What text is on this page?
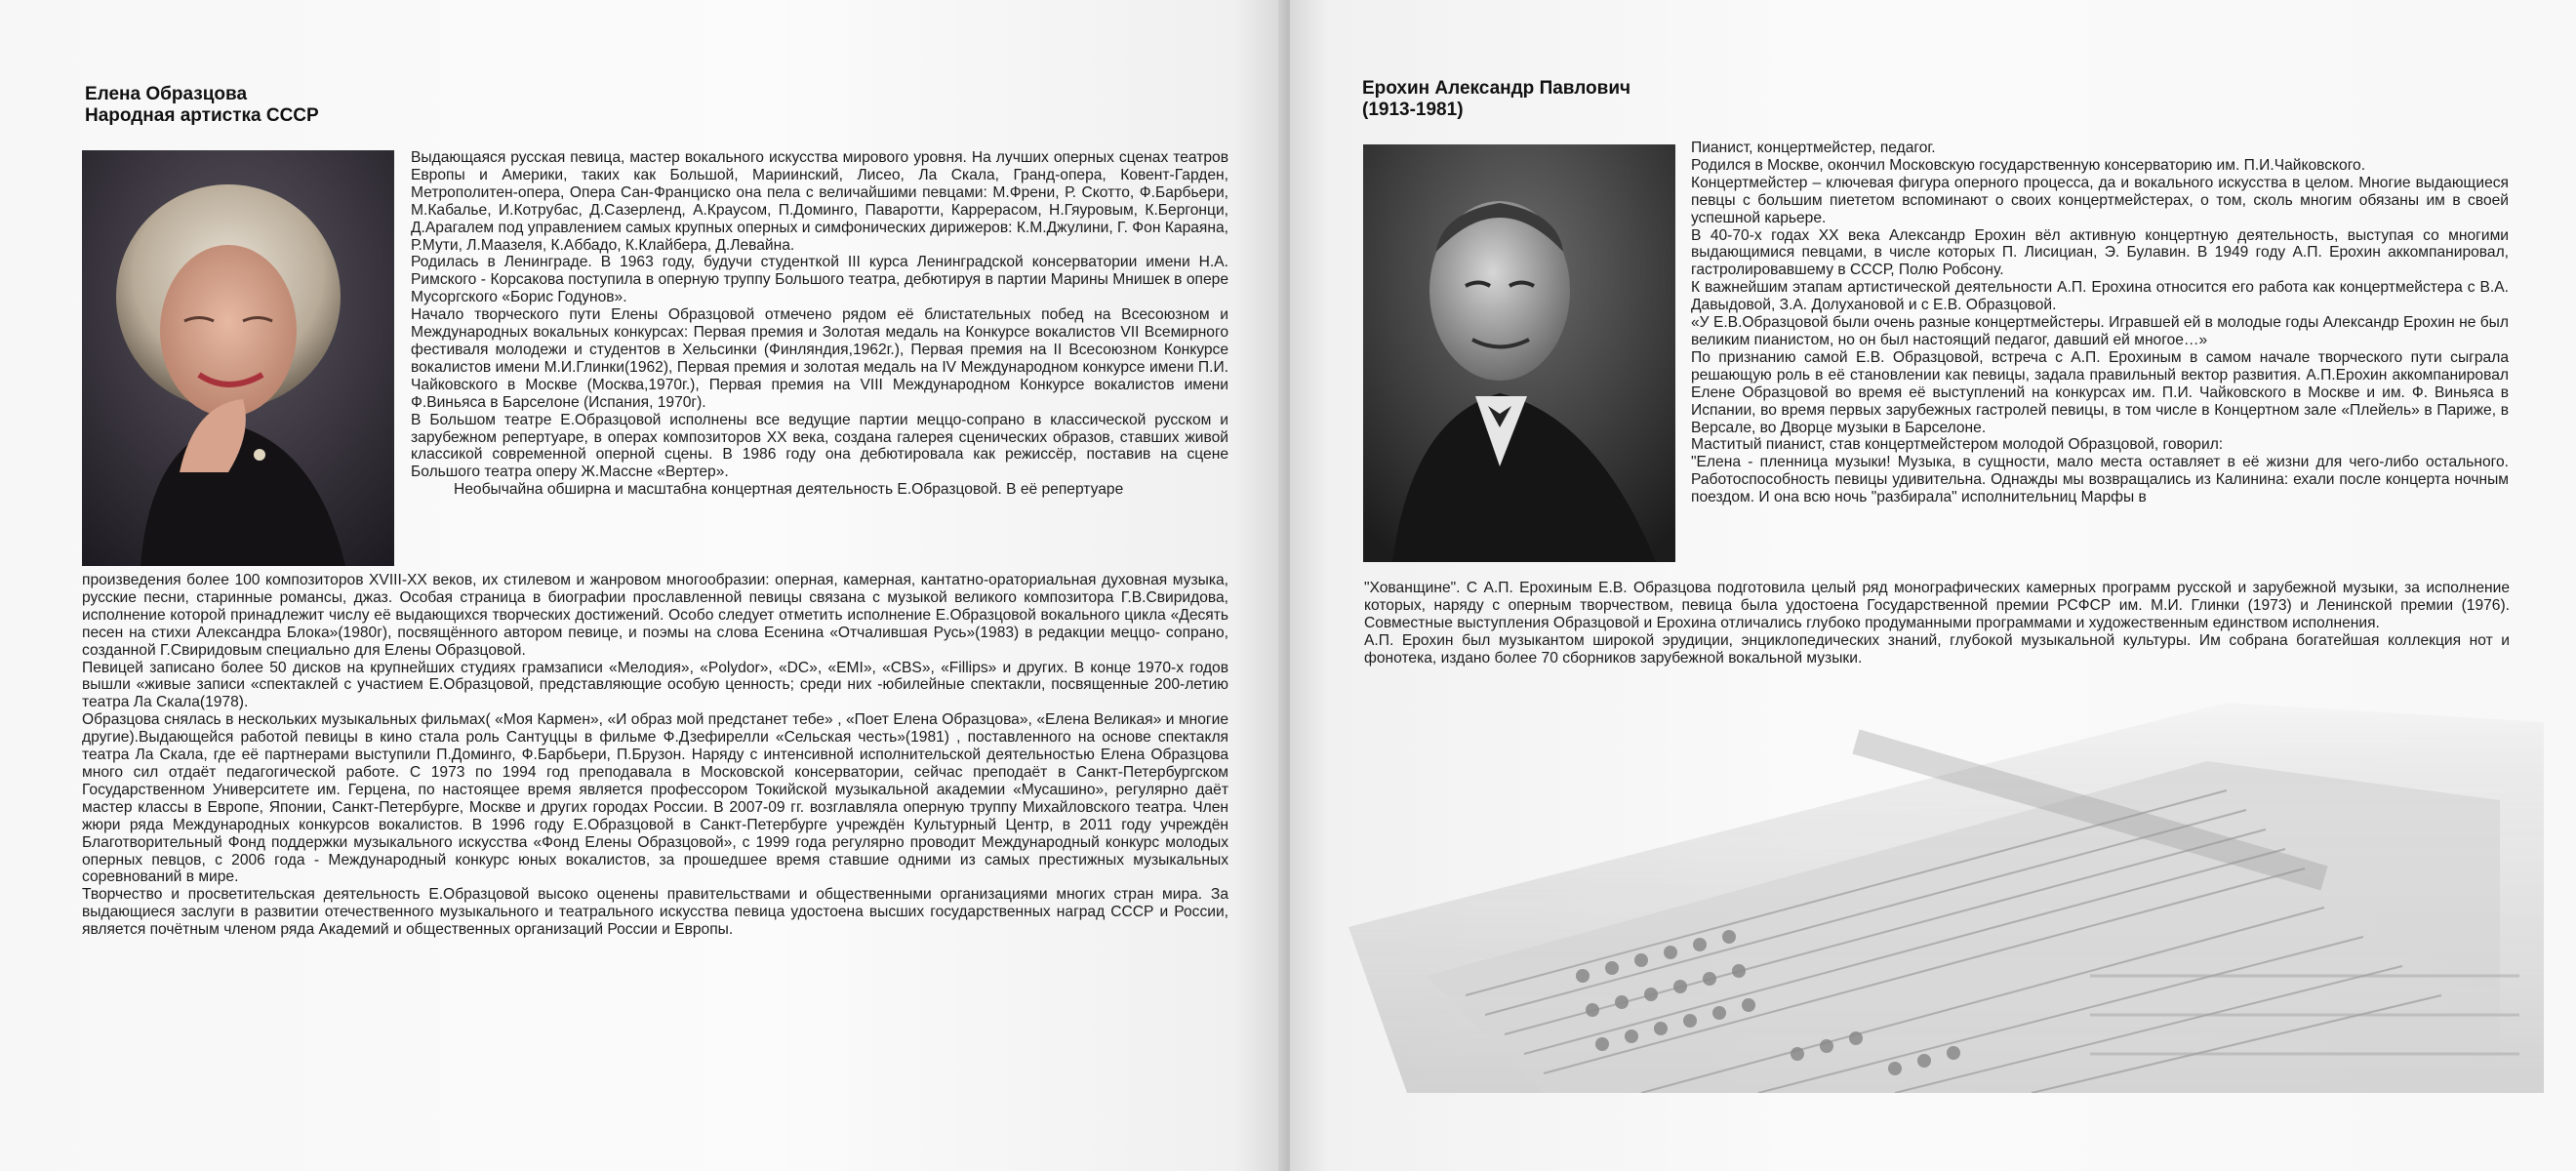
Елена Образцова
Народная артистка СССР

Выдающаяся русская певица, мастер вокального искусства мирового уровня. На лучших оперных сценах театров Европы и Америки, таких как Большой, Мариинский, Лисео, Ла Скала, Гранд-опера, Ковент-Гарден, Метрополитен-опера, Опера Сан-Франциско она пела с величайшими певцами: М.Френи, Р. Скотто, Ф.Барбьери, М.Кабалье, И.Котрубас, Д.Сазерленд, А.Краусом, П.Доминго, Паваротти, Каррерасом, Н.Гяуровым, К.Бергонци, Д.Арагалем под управлением самых крупных оперных и симфонических дирижеров: К.М.Джулини, Г. Фон Караяна, Р.Мути, Л.Маазеля, К.Аббадо, К.Клайбера, Д.Левайна.

Родилась в Ленинграде. В 1963 году, будучи студенткой III курса Ленинградской консерватории имени Н.А. Римского - Корсакова поступила в оперную труппу Большого театра, дебютируя в партии Марины Мнишек в опере Мусоргского «Борис Годунов».

Начало творческого пути Елены Образцовой отмечено рядом её блистательных побед на Всесоюзном и Международных вокальных конкурсах: Первая премия и Золотая медаль на Конкурсе вокалистов VII Всемирного фестиваля молодежи и студентов в Хельсинки (Финляндия,1962г.), Первая премия на II Всесоюзном Конкурсе вокалистов имени М.И.Глинки(1962), Первая премия и золотая медаль на IV Международном конкурсе имени П.И. Чайковского в Москве (Москва,1970г.), Первая премия на VIII Международном Конкурсе вокалистов имени Ф.Виньяса в Барселоне (Испания, 1970г).

В Большом театре Е.Образцовой исполнены все ведущие партии меццо-сопрано в классической русском и зарубежном репертуаре, в операх композиторов XX века, создана галерея сценических образов, ставших живой классикой современной оперной сцены. В 1986 году она дебютировала как режиссёр, поставив на сцене Большого театра оперу Ж.Массне «Вертер».

Необычайна обширна и масштабна концертная деятельность Е.Образцовой. В её репертуаре

произведения более 100 композиторов XVIII-XX веков, их стилевом и жанровом многообразии: оперная, камерная, кантатно-ораториальная духовная музыка, русские песни, старинные романсы, джаз. Особая страница в биографии прославленной певицы связана с музыкой великого композитора Г.В.Свиридова, исполнение которой принадлежит числу её выдающихся творческих достижений. Особо следует отметить исполнение Е.Образцовой вокального цикла «Десять песен на стихи Александра Блока»(1980г), посвящённого автором певице, и поэмы на слова Есенина «Отчалившая Русь»(1983) в редакции меццо- сопрано, созданной Г.Свиридовым специально для Елены Образцовой.

Певицей записано более 50 дисков на крупнейших студиях грамзаписи «Мелодия», «Polydor», «DC», «EMI», «CBS», «Fillips» и других. В конце 1970-х годов вышли «живые записи «спектаклей с участием Е.Образцовой, представляющие особую ценность; среди них -юбилейные спектакли, посвященные 200-летию театра Ла Скала(1978).

Образцова снялась в нескольких музыкальных фильмах( «Моя Кармен», «И образ мой предстанет тебе» , «Поет Елена Образцова», «Елена Великая» и многие другие).Выдающейся работой певицы в кино стала роль Сантуццы в фильме Ф.Дзефирелли «Сельская честь»(1981) , поставленного на основе спектакля театра Ла Скала, где её партнерами выступили П.Доминго, Ф.Барбьери, П.Брузон. Наряду с интенсивной исполнительской деятельностью Елена Образцова много сил отдаёт педагогической работе. С 1973 по 1994 год преподавала в Московской консерватории, сейчас преподаёт в Санкт-Петербургском Государственном Университете им. Герцена, по настоящее время является профессором Токийской музыкальной академии «Мусашино», регулярно даёт мастер классы в Европе, Японии, Санкт-Петербурге, Москве и других городах России. В 2007-09 гг. возглавляла оперную труппу Михайловского театра. Член жюри ряда Международных конкурсов вокалистов. В 1996 году Е.Образцовой в Санкт-Петербурге учреждён Культурный Центр, в 2011 году учреждён Благотворительный Фонд поддержки музыкального искусства «Фонд Елены Образцовой», с 1999 года регулярно проводит Международный конкурс молодых оперных певцов, с 2006 года - Международный конкурс юных вокалистов, за прошедшее время ставшие одними из самых престижных музыкальных соревнований в мире.

Творчество и просветительская деятельность Е.Образцовой высоко оценены правительствами и общественными организациями многих стран мира. За выдающиеся заслуги в развитии отечественного музыкального и театрального искусства певица удостоена высших государственных наград СССР и России, является почётным членом ряда Академий и общественных организаций России и Европы.

Ерохин Александр Павлович
(1913-1981)

Пианист, концертмейстер, педагог.

Родился в Москве, окончил Московскую государственную консерваторию им. П.И.Чайковского.

Концертмейстер – ключевая фигура оперного процесса, да и вокального искусства в целом. Многие выдающиеся певцы с большим пиететом вспоминают о своих концертмейстерах, о том, сколь многим обязаны им в своей успешной карьере.

В 40-70-х годах XX века Александр Ерохин вёл активную концертную деятельность, выступая со многими выдающимися певцами, в числе которых П. Лисициан, Э. Булавин. В 1949 году А.П. Ерохин аккомпанировал, гастролировавшему в СССР, Полю Робсону.

К важнейшим этапам артистической деятельности А.П. Ерохина относится его работа как концертмейстера с В.А. Давыдовой, З.А. Долухановой и с Е.В. Образцовой.

«У Е.В.Образцовой были очень разные концертмейстеры. Игравшей ей в молодые годы Александр Ерохин не был великим пианистом, но он был настоящий педагог, давший ей многое…»

По признанию самой Е.В. Образцовой, встреча с А.П. Ерохиным в самом начале творческого пути сыграла решающую роль в её становлении как певицы, задала правильный вектор развития. А.П.Ерохин аккомпанировал Елене Образцовой во время её выступлений на конкурсах им. П.И. Чайковского в Москве и им. Ф. Виньяса в Испании, во время первых зарубежных гастролей певицы, в том числе в Концертном зале «Плейель» в Париже, в Версале, во Дворце музыки в Барселоне.

Маститый пианист, став концертмейстером молодой Образцовой, говорил:

"Елена - пленница музыки! Музыка, в сущности, мало места оставляет в её жизни для чего-либо остального. Работоспособность певицы удивительна. Однажды мы возвращались из Калинина: ехали после концерта ночным поездом. И она всю ночь "разбирала" исполнительниц Марфы в

"Хованщине". С А.П. Ерохиным Е.В. Образцова подготовила целый ряд монографических камерных программ русской и зарубежной музыки, за исполнение которых, наряду с оперным творчеством, певица была удостоена Государственной премии РСФСР им. М.И. Глинки (1973) и Ленинской премии (1976). Совместные выступления Образцовой и Ерохина отличались глубоко продуманными программами и художественным единством исполнения.

А.П. Ерохин был музыкантом широкой эрудиции, энциклопедических знаний, глубокой музыкальной культуры. Им собрана богатейшая коллекция нот и фонотека, издано более 70 сборников зарубежной вокальной музыки.
